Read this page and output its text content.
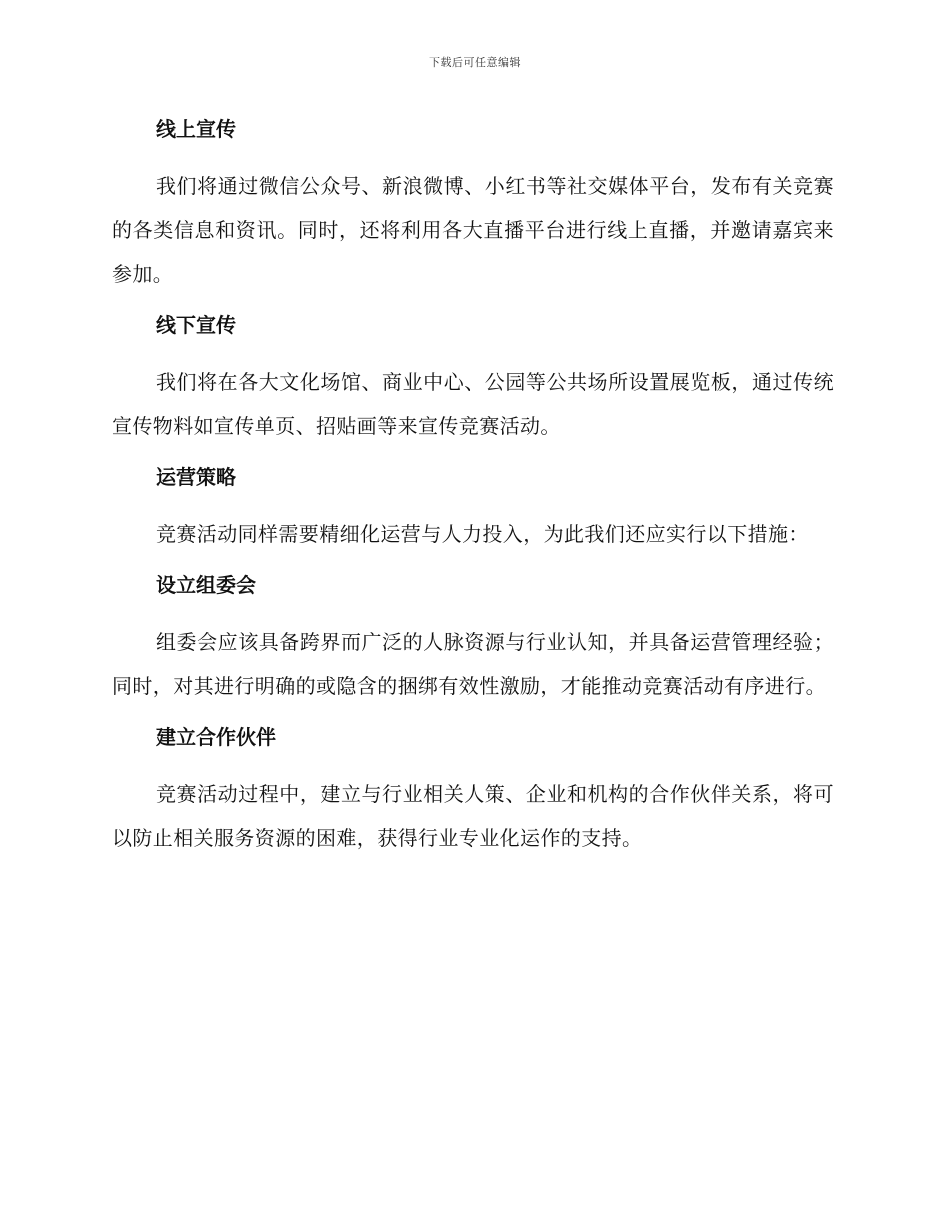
下载后可任意编辑
线上宣传

我们将通过微信公众号、新浪微博、小红书等社交媒体平台，发布有关竞赛的各类信息和资讯。同时，还将利用各大直播平台进行线上直播，并邀请嘉宾来参加。

线下宣传

我们将在各大文化场馆、商业中心、公园等公共场所设置展览板，通过传统宣传物料如宣传单页、招贴画等来宣传竞赛活动。

运营策略

竞赛活动同样需要精细化运营与人力投入，为此我们还应实行以下措施：

设立组委会

组委会应该具备跨界而广泛的人脉资源与行业认知，并具备运营管理经验；同时，对其进行明确的或隐含的捆绑有效性激励，才能推动竞赛活动有序进行。

建立合作伙伴

竞赛活动过程中，建立与行业相关人策、企业和机构的合作伙伴关系，将可以防止相关服务资源的困难，获得行业专业化运作的支持。
